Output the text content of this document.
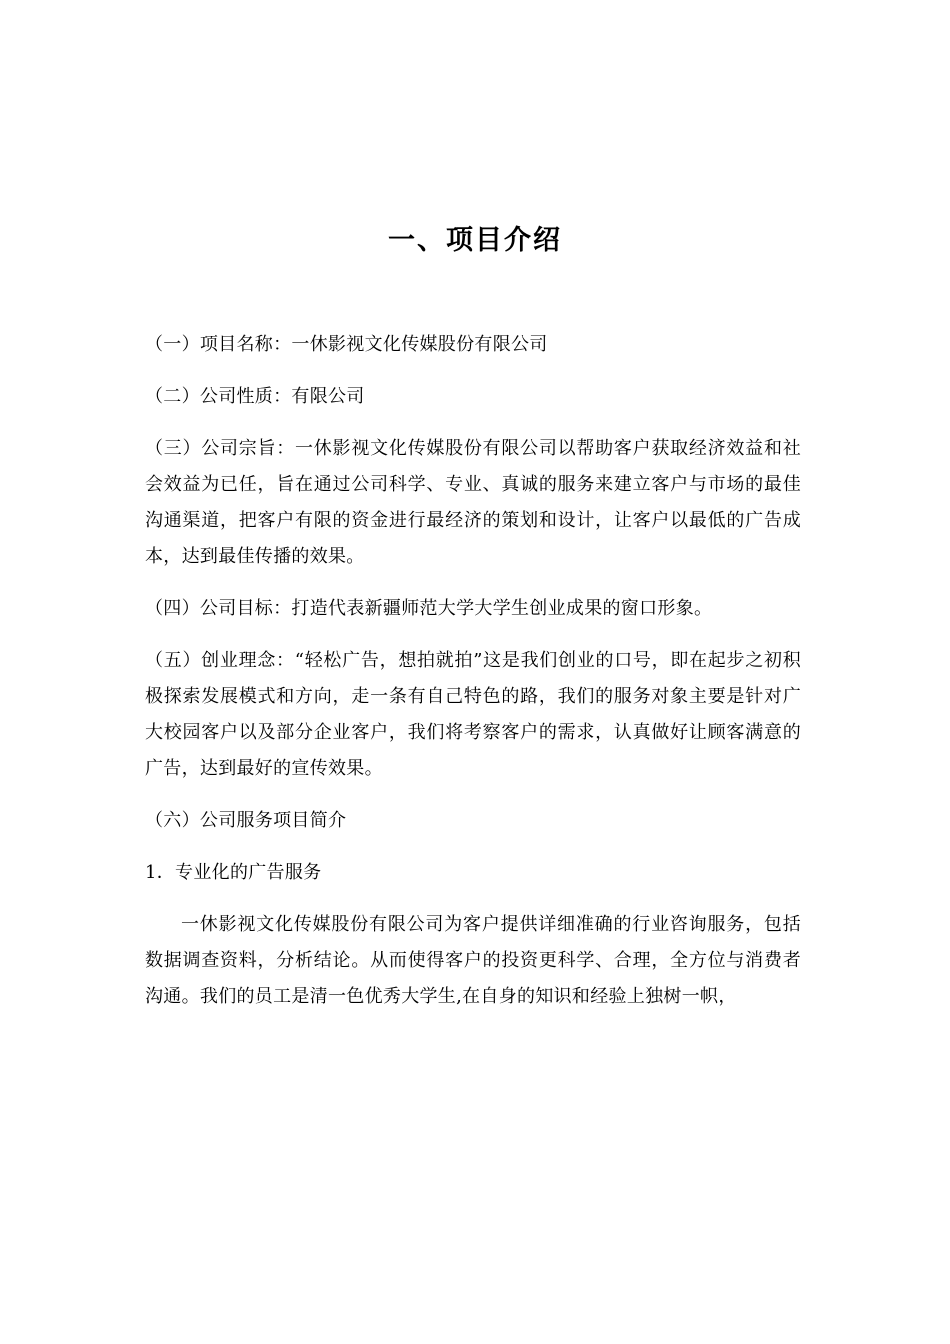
一、项目介绍

（一）项目名称：一休影视文化传媒股份有限公司

（二）公司性质：有限公司

（三）公司宗旨：一休影视文化传媒股份有限公司以帮助客户获取经济效益和社会效益为已任，旨在通过公司科学、专业、真诚的服务来建立客户与市场的最佳沟通渠道，把客户有限的资金进行最经济的策划和设计，让客户以最低的广告成本，达到最佳传播的效果。

（四）公司目标：打造代表新疆师范大学大学生创业成果的窗口形象。

（五）创业理念：“轻松广告，想拍就拍”这是我们创业的口号，即在起步之初积极探索发展模式和方向，走一条有自己特色的路，我们的服务对象主要是针对广大校园客户以及部分企业客户，我们将考察客户的需求，认真做好让顾客满意的广告，达到最好的宣传效果。

（六）公司服务项目简介

1．专业化的广告服务

一休影视文化传媒股份有限公司为客户提供详细准确的行业咨询服务，包括数据调查资料，分析结论。从而使得客户的投资更科学、合理，全方位与消费者沟通。我们的员工是清一色优秀大学生,在自身的知识和经验上独树一帜，
